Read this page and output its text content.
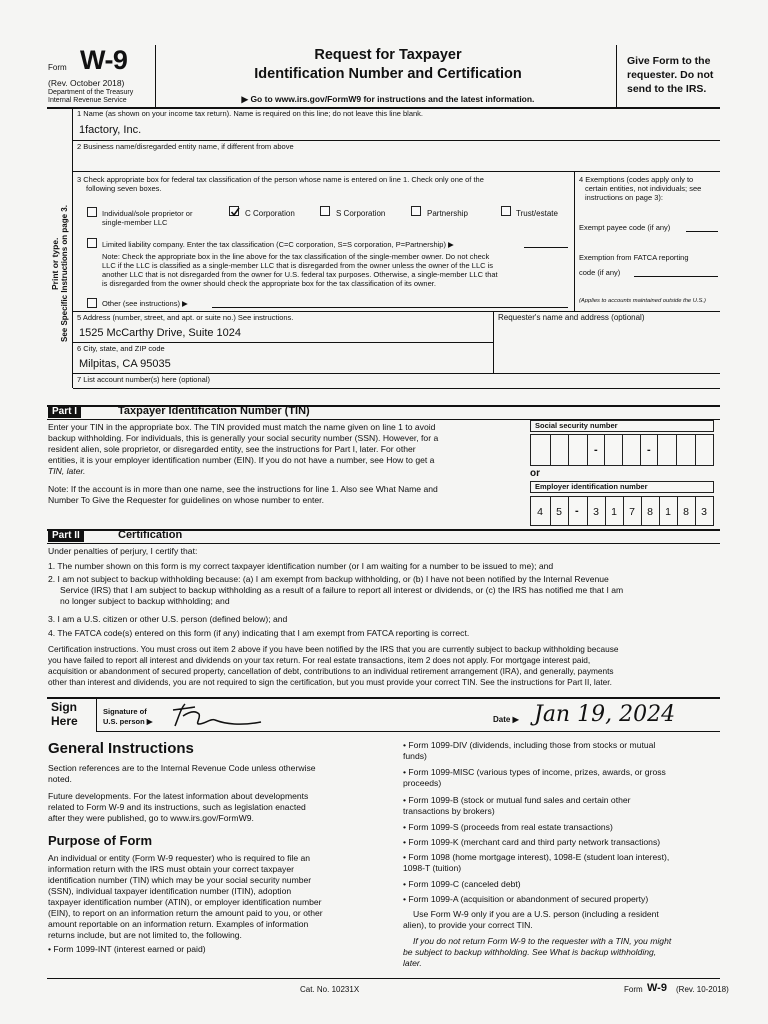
Form W-9
(Rev. October 2018)
Department of the Treasury
Internal Revenue Service
Request for Taxpayer
Identification Number and Certification
▶ Go to www.irs.gov/FormW9 for instructions and the latest information.
Give Form to the
requester. Do not
send to the IRS.
Print or type. See Specific Instructions on page 3.
1 Name (as shown on your income tax return). Name is required on this line; do not leave this line blank.
1factory, Inc.
2 Business name/disregarded entity name, if different from above
3 Check appropriate box for federal tax classification of the person whose name is entered on line 1. Check only one of the
following seven boxes.
Individual/sole proprietor or
single-member LLC
C Corporation	S Corporation	Partnership	Trust/estate
Limited liability company. Enter the tax classification (C=C corporation, S=S corporation, P=Partnership) ▶
Note: Check the appropriate box in the line above for the tax classification of the single-member owner. Do not check
LLC if the LLC is classified as a single-member LLC that is disregarded from the owner unless the owner of the LLC is
another LLC that is not disregarded from the owner for U.S. federal tax purposes. Otherwise, a single-member LLC that
is disregarded from the owner should check the appropriate box for the tax classification of its owner.
Other (see instructions) ▶
4 Exemptions (codes apply only to
certain entities, not individuals; see
instructions on page 3):
Exempt payee code (if any)
Exemption from FATCA reporting
code (if any)
(Applies to accounts maintained outside the U.S.)
5 Address (number, street, and apt. or suite no.) See instructions.
1525 McCarthy Drive, Suite 1024
Requester's name and address (optional)
6 City, state, and ZIP code
Milpitas, CA 95035
7 List account number(s) here (optional)
Part I	Taxpayer Identification Number (TIN)
Enter your TIN in the appropriate box. The TIN provided must match the name given on line 1 to avoid
backup withholding. For individuals, this is generally your social security number (SSN). However, for a
resident alien, sole proprietor, or disregarded entity, see the instructions for Part I, later. For other
entities, it is your employer identification number (EIN). If you do not have a number, see How to get a
TIN, later.
Note: If the account is in more than one name, see the instructions for line 1. Also see What Name and
Number To Give the Requester for guidelines on whose number to enter.
Social security number
-	-
or
Employer identification number
4	5	-	3	1	7	8	1	8	3
Part II	Certification
Under penalties of perjury, I certify that:
1. The number shown on this form is my correct taxpayer identification number (or I am waiting for a number to be issued to me); and
2. I am not subject to backup withholding because: (a) I am exempt from backup withholding, or (b) I have not been notified by the Internal Revenue
Service (IRS) that I am subject to backup withholding as a result of a failure to report all interest or dividends, or (c) the IRS has notified me that I am
no longer subject to backup withholding; and
3. I am a U.S. citizen or other U.S. person (defined below); and
4. The FATCA code(s) entered on this form (if any) indicating that I am exempt from FATCA reporting is correct.
Certification instructions. You must cross out item 2 above if you have been notified by the IRS that you are currently subject to backup withholding because
you have failed to report all interest and dividends on your tax return. For real estate transactions, item 2 does not apply. For mortgage interest paid,
acquisition or abandonment of secured property, cancellation of debt, contributions to an individual retirement arrangement (IRA), and generally, payments
other than interest and dividends, you are not required to sign the certification, but you must provide your correct TIN. See the instructions for Part II, later.
Sign
Here
Signature of
U.S. person ▶	Date ▶ Jan 19, 2024
General Instructions
Section references are to the Internal Revenue Code unless otherwise
noted.
Future developments. For the latest information about developments
related to Form W-9 and its instructions, such as legislation enacted
after they were published, go to www.irs.gov/FormW9.
Purpose of Form
An individual or entity (Form W-9 requester) who is required to file an
information return with the IRS must obtain your correct taxpayer
identification number (TIN) which may be your social security number
(SSN), individual taxpayer identification number (ITIN), adoption
taxpayer identification number (ATIN), or employer identification number
(EIN), to report on an information return the amount paid to you, or other
amount reportable on an information return. Examples of information
returns include, but are not limited to, the following.
• Form 1099-INT (interest earned or paid)
• Form 1099-DIV (dividends, including those from stocks or mutual
funds)
• Form 1099-MISC (various types of income, prizes, awards, or gross
proceeds)
• Form 1099-B (stock or mutual fund sales and certain other
transactions by brokers)
• Form 1099-S (proceeds from real estate transactions)
• Form 1099-K (merchant card and third party network transactions)
• Form 1098 (home mortgage interest), 1098-E (student loan interest),
1098-T (tuition)
• Form 1099-C (canceled debt)
• Form 1099-A (acquisition or abandonment of secured property)
Use Form W-9 only if you are a U.S. person (including a resident
alien), to provide your correct TIN.
If you do not return Form W-9 to the requester with a TIN, you might
be subject to backup withholding. See What is backup withholding,
later.
Cat. No. 10231X	Form W-9 (Rev. 10-2018)
